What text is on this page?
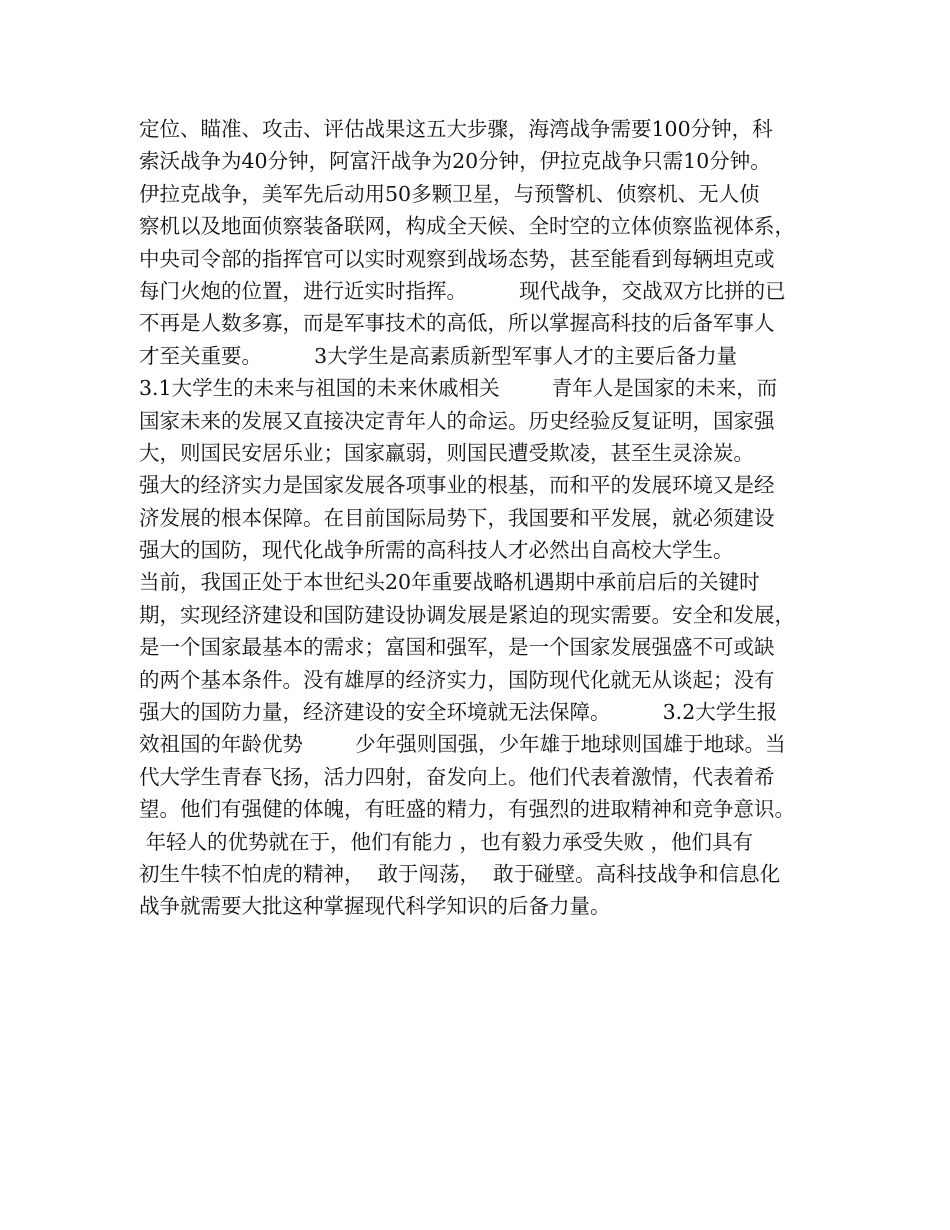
定位、瞄准、攻击、评估战果这五大步骤，海湾战争需要100分钟，科
索沃战争为40分钟，阿富汗战争为20分钟，伊拉克战争只需10分钟。
伊拉克战争，美军先后动用50多颗卫星，与预警机、侦察机、无人侦
察机以及地面侦察装备联网，构成全天候、全时空的立体侦察监视体系，
中央司令部的指挥官可以实时观察到战场态势，甚至能看到每辆坦克或
每门火炮的位置，进行近实时指挥。        现代战争，交战双方比拼的已
不再是人数多寡，而是军事技术的高低，所以掌握高科技的后备军事人
才至关重要。        3大学生是高素质新型军事人才的主要后备力量
3.1大学生的未来与祖国的未来休戚相关        青年人是国家的未来，而
国家未来的发展又直接决定青年人的命运。历史经验反复证明，国家强
大，则国民安居乐业；国家羸弱，则国民遭受欺凌，甚至生灵涂炭。
强大的经济实力是国家发展各项事业的根基，而和平的发展环境又是经
济发展的根本保障。在目前国际局势下，我国要和平发展，就必须建设
强大的国防，现代化战争所需的高科技人才必然出自高校大学生。
当前，我国正处于本世纪头20年重要战略机遇期中承前启后的关键时
期，实现经济建设和国防建设协调发展是紧迫的现实需要。安全和发展，
是一个国家最基本的需求；富国和强军，是一个国家发展强盛不可或缺
的两个基本条件。没有雄厚的经济实力，国防现代化就无从谈起；没有
强大的国防力量，经济建设的安全环境就无法保障。        3.2大学生报
效祖国的年龄优势        少年强则国强，少年雄于地球则国雄于地球。当
代大学生青春飞扬，活力四射，奋发向上。他们代表着激情，代表着希
望。他们有强健的体魄，有旺盛的精力，有强烈的进取精神和竞争意识。
年轻人的优势就在于，他们有能力 ，也有毅力承受失败 ，他们具有
初生牛犊不怕虎的精神，  敢于闯荡，  敢于碰壁。高科技战争和信息化
战争就需要大批这种掌握现代科学知识的后备力量。
